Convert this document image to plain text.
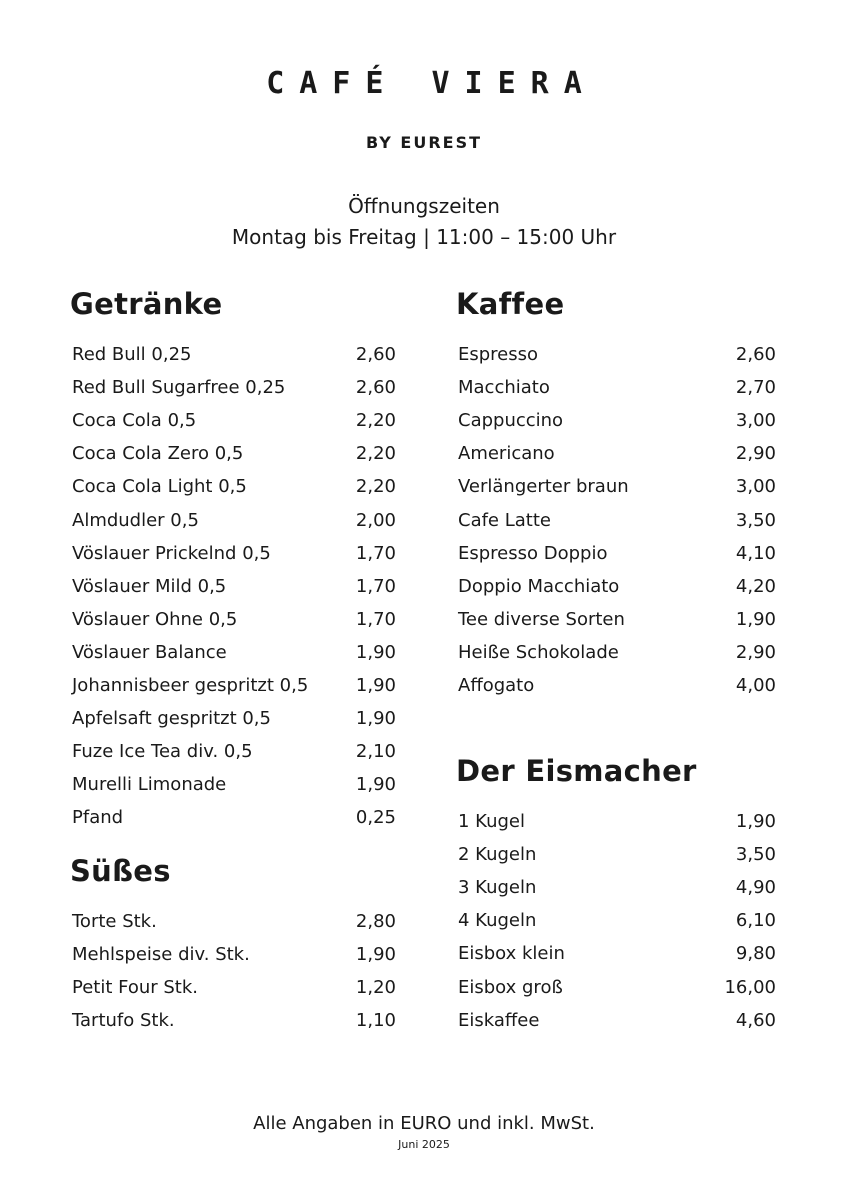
CAFÉ VIERA
BY EUREST
Öffnungszeiten
Montag bis Freitag | 11:00 – 15:00 Uhr
Getränke
Red Bull 0,25	2,60
Red Bull Sugarfree 0,25	2,60
Coca Cola 0,5	2,20
Coca Cola Zero 0,5	2,20
Coca Cola Light 0,5	2,20
Almdudler 0,5	2,00
Vöslauer Prickelnd 0,5	1,70
Vöslauer Mild 0,5	1,70
Vöslauer Ohne 0,5	1,70
Vöslauer Balance	1,90
Johannisbeer gespritzt 0,5	1,90
Apfelsaft gespritzt 0,5	1,90
Fuze Ice Tea div. 0,5	2,10
Murelli Limonade	1,90
Pfand	0,25
Süßes
Torte Stk.	2,80
Mehlspeise div. Stk.	1,90
Petit Four Stk.	1,20
Tartufo Stk.	1,10
Kaffee
Espresso	2,60
Macchiato	2,70
Cappuccino	3,00
Americano	2,90
Verlängerter braun	3,00
Cafe Latte	3,50
Espresso Doppio	4,10
Doppio Macchiato	4,20
Tee diverse Sorten	1,90
Heiße Schokolade	2,90
Affogato	4,00
Der Eismacher
1 Kugel	1,90
2 Kugeln	3,50
3 Kugeln	4,90
4 Kugeln	6,10
Eisbox klein	9,80
Eisbox groß	16,00
Eiskaffee	4,60
Alle Angaben in EURO und inkl. MwSt.
Juni 2025
